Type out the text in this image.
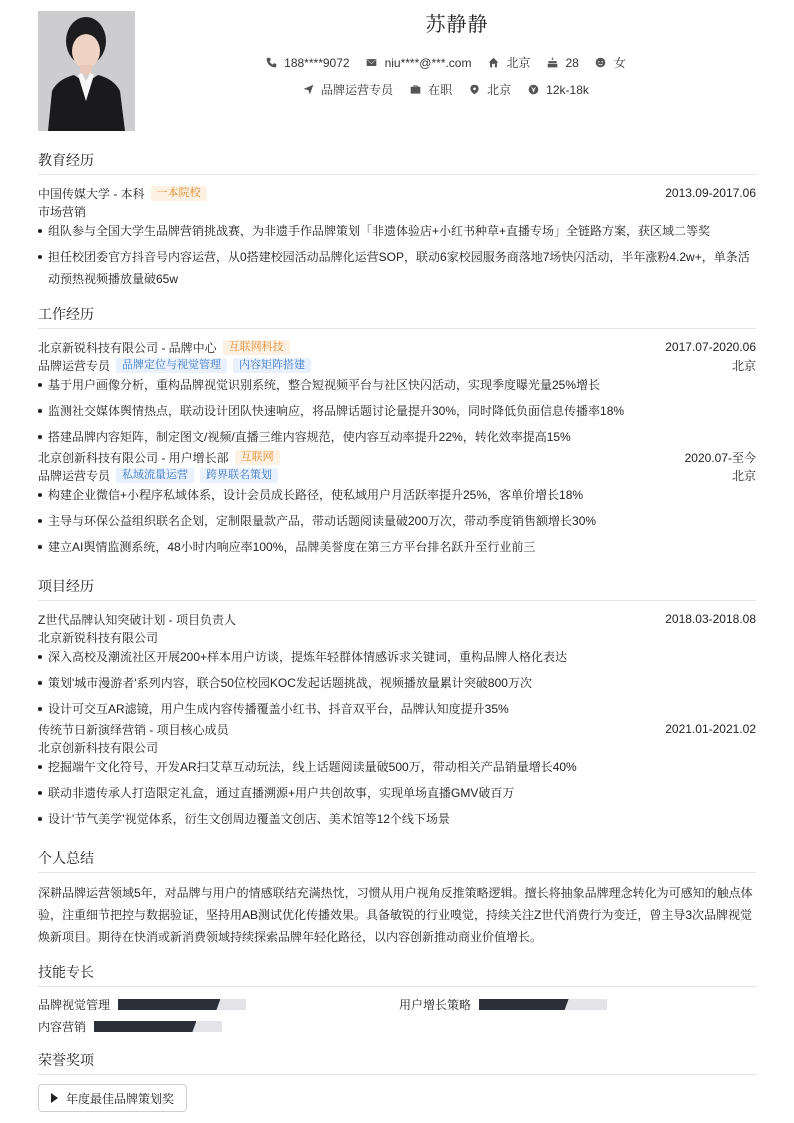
苏静静
188****9072	niu****@***.com	北京	28	女
品牌运营专员	在职	北京	12k-18k
教育经历
中国传媒大学 - 本科	一本院校	2013.09-2017.06
市场营销
组队参与全国大学生品牌营销挑战赛，为非遗手作品牌策划「非遗体验店+小红书种草+直播专场」全链路方案，获区域二等奖
担任校团委官方抖音号内容运营，从0搭建校园活动品牌化运营SOP，联动6家校园服务商落地7场快闪活动，半年涨粉4.2w+，单条活动预热视频播放量破65w
工作经历
北京新锐科技有限公司 - 品牌中心	互联网科技	2017.07-2020.06
品牌运营专员	品牌定位与视觉管理	内容矩阵搭建	北京
基于用户画像分析，重构品牌视觉识别系统，整合短视频平台与社区快闪活动，实现季度曝光量25%增长
监测社交媒体舆情热点，联动设计团队快速响应，将品牌话题讨论量提升30%，同时降低负面信息传播率18%
搭建品牌内容矩阵，制定图文/视频/直播三维内容规范，使内容互动率提升22%，转化效率提高15%
北京创新科技有限公司 - 用户增长部	互联网	2020.07-至今
品牌运营专员	私域流量运营	跨界联名策划	北京
构建企业微信+小程序私域体系，设计会员成长路径，使私域用户月活跃率提升25%，客单价增长18%
主导与环保公益组织联名企划，定制限量款产品，带动话题阅读量破200万次，带动季度销售额增长30%
建立AI舆情监测系统，48小时内响应率100%，品牌美誉度在第三方平台排名跃升至行业前三
项目经历
Z世代品牌认知突破计划 - 项目负责人	2018.03-2018.08
北京新锐科技有限公司
深入高校及潮流社区开展200+样本用户访谈，提炼年轻群体情感诉求关键词，重构品牌人格化表达
策划'城市漫游者'系列内容，联合50位校园KOC发起话题挑战，视频播放量累计突破800万次
设计可交互AR滤镜，用户生成内容传播覆盖小红书、抖音双平台，品牌认知度提升35%
传统节日新演绎营销 - 项目核心成员	2021.01-2021.02
北京创新科技有限公司
挖掘端午文化符号，开发AR扫艾草互动玩法，线上话题阅读量破500万，带动相关产品销量增长40%
联动非遗传承人打造限定礼盒，通过直播溯源+用户共创故事，实现单场直播GMV破百万
设计'节气美学'视觉体系，衍生文创周边覆盖文创店、美术馆等12个线下场景
个人总结
深耕品牌运营领域5年，对品牌与用户的情感联结充满热忱，习惯从用户视角反推策略逻辑。擅长将抽象品牌理念转化为可感知的触点体验，注重细节把控与数据验证，坚持用AB测试优化传播效果。具备敏锐的行业嗅觉，持续关注Z世代消费行为变迁，曾主导3次品牌视觉焕新项目。期待在快消或新消费领域持续探索品牌年轻化路径，以内容创新推动商业价值增长。
技能专长
品牌视觉管理	用户增长策略
内容营销
荣誉奖项
年度最佳品牌策划奖
